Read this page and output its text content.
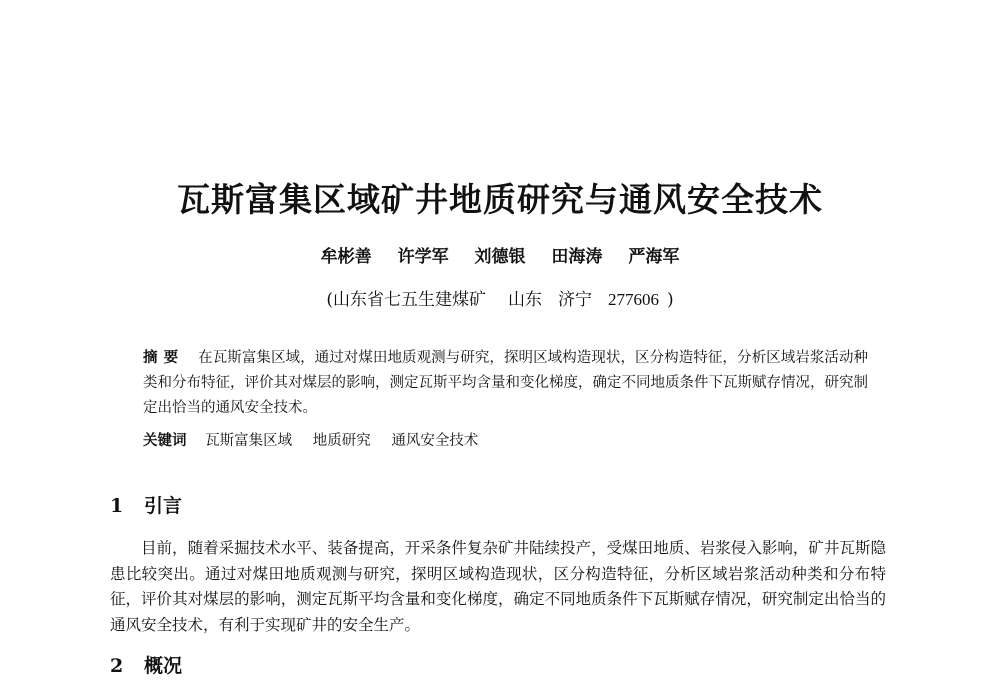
瓦斯富集区域矿井地质研究与通风安全技术
牟彬善 许学军 刘德银 田海涛 严海军
(山东省七五生建煤矿 山东 济宁 277606 )
摘要 在瓦斯富集区域，通过对煤田地质观测与研究，探明区域构造现状，区分构造特征，分析区域岩浆活动种类和分布特征，评价其对煤层的影响，测定瓦斯平均含量和变化梯度，确定不同地质条件下瓦斯赋存情况，研究制定出恰当的通风安全技术。
关键词 瓦斯富集区域 地质研究 通风安全技术
1 引言
目前，随着采掘技术水平、装备提高，开采条件复杂矿井陆续投产，受煤田地质、岩浆侵入影响，矿井瓦斯隐患比较突出。通过对煤田地质观测与研究，探明区域构造现状，区分构造特征，分析区域岩浆活动种类和分布特征，评价其对煤层的影响，测定瓦斯平均含量和变化梯度，确定不同地质条件下瓦斯赋存情况，研究制定出恰当的通风安全技术，有利于实现矿井的安全生产。
2 概况
